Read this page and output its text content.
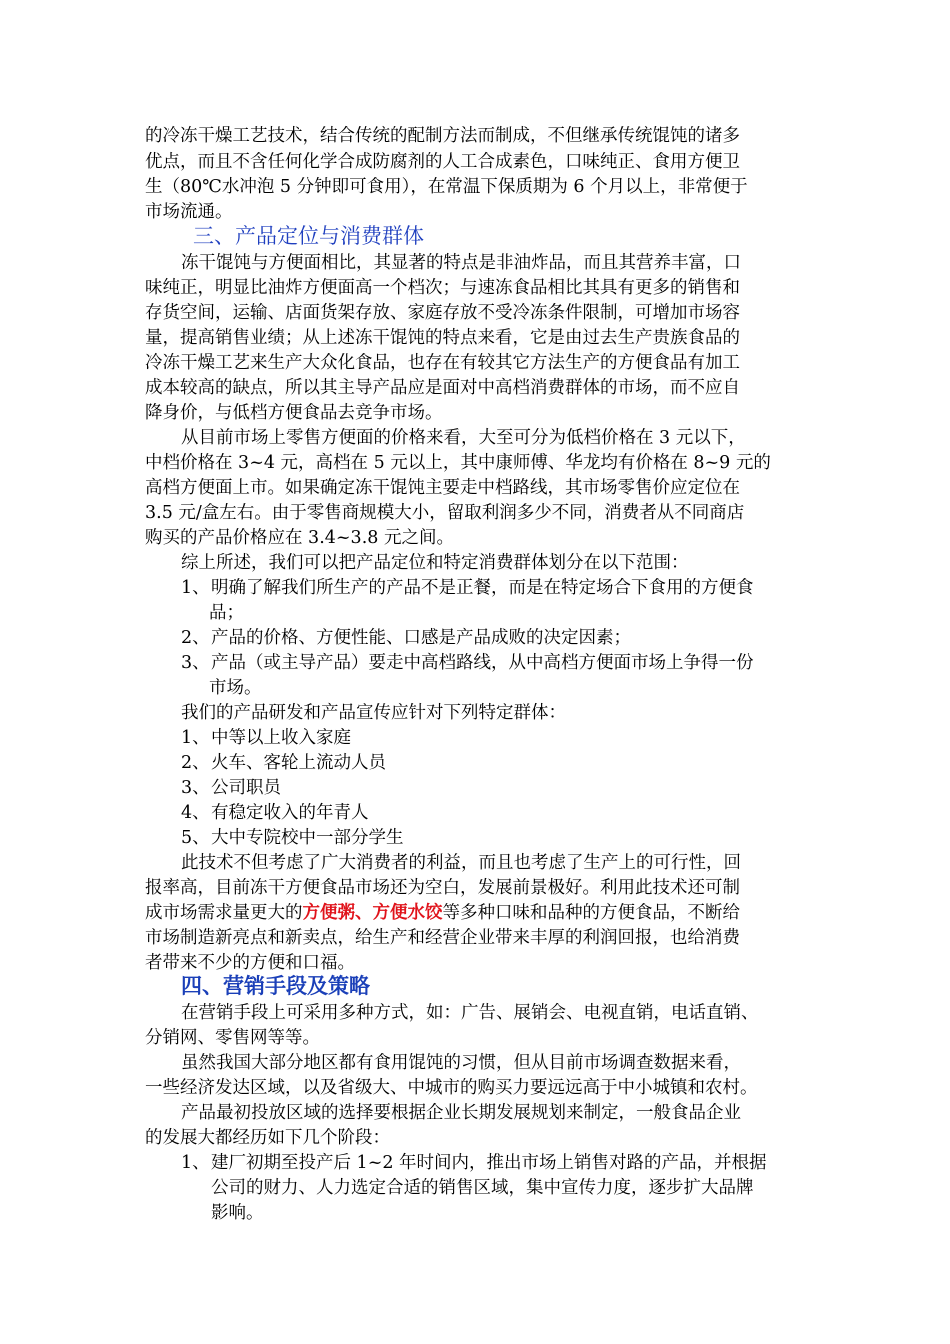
的冷冻干燥工艺技术，结合传统的配制方法而制成，不但继承传统馄饨的诸多
优点，而且不含任何化学合成防腐剂的人工合成素色，口味纯正、食用方便卫
生（80℃水冲泡 5 分钟即可食用），在常温下保质期为 6 个月以上，非常便于
市场流通。
三、产品定位与消费群体
冻干馄饨与方便面相比，其显著的特点是非油炸品，而且其营养丰富，口
味纯正，明显比油炸方便面高一个档次；与速冻食品相比其具有更多的销售和
存货空间，运输、店面货架存放、家庭存放不受冷冻条件限制，可增加市场容
量，提高销售业绩；从上述冻干馄饨的特点来看，它是由过去生产贵族食品的
冷冻干燥工艺来生产大众化食品，也存在有较其它方法生产的方便食品有加工
成本较高的缺点，所以其主导产品应是面对中高档消费群体的市场，而不应自
降身价，与低档方便食品去竞争市场。
从目前市场上零售方便面的价格来看，大至可分为低档价格在 3 元以下，
中档价格在 3~4 元，高档在 5 元以上，其中康师傅、华龙均有价格在 8~9 元的
高档方便面上市。如果确定冻干馄饨主要走中档路线，其市场零售价应定位在
3.5 元/盒左右。由于零售商规模大小，留取利润多少不同，消费者从不同商店
购买的产品价格应在 3.4~3.8 元之间。
综上所述，我们可以把产品定位和特定消费群体划分在以下范围：
1、 明确了解我们所生产的产品不是正餐，而是在特定场合下食用的方便食
品；
2、 产品的价格、方便性能、口感是产品成败的决定因素；
3、 产品（或主导产品）要走中高档路线，从中高档方便面市场上争得一份
市场。
我们的产品研发和产品宣传应针对下列特定群体：
1、 中等以上收入家庭
2、 火车、客轮上流动人员
3、 公司职员
4、 有稳定收入的年青人
5、 大中专院校中一部分学生
此技术不但考虑了广大消费者的利益，而且也考虑了生产上的可行性，回
报率高，目前冻干方便食品市场还为空白，发展前景极好。利用此技术还可制
成市场需求量更大的方便粥、方便水饺等多种口味和品种的方便食品，不断给
市场制造新亮点和新卖点，给生产和经营企业带来丰厚的利润回报，也给消费
者带来不少的方便和口福。
四、营销手段及策略
在营销手段上可采用多种方式，如：广告、展销会、电视直销，电话直销、
分销网、零售网等等。
虽然我国大部分地区都有食用馄饨的习惯，但从目前市场调查数据来看，
一些经济发达区域，以及省级大、中城市的购买力要远远高于中小城镇和农村。
产品最初投放区域的选择要根据企业长期发展规划来制定，一般食品企业
的发展大都经历如下几个阶段：
1、 建厂初期至投产后 1~2 年时间内，推出市场上销售对路的产品，并根据
公司的财力、人力选定合适的销售区域，集中宣传力度，逐步扩大品牌
影响。
